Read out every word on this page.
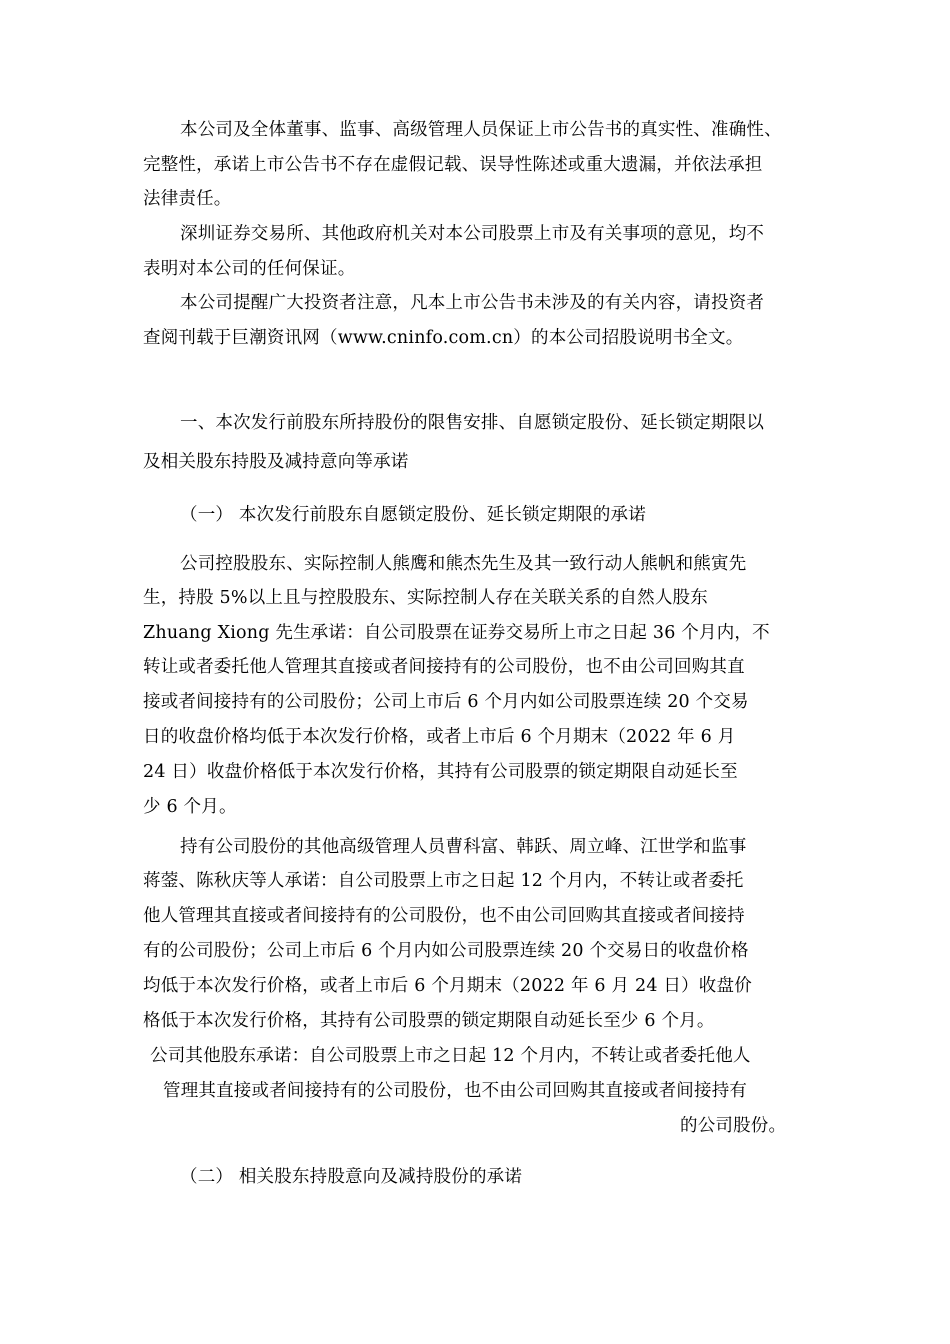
本公司及全体董事、监事、高级管理人员保证上市公告书的真实性、准确性、
完整性，承诺上市公告书不存在虚假记载、误导性陈述或重大遗漏，并依法承担
法律责任。
深圳证券交易所、其他政府机关对本公司股票上市及有关事项的意见，均不
表明对本公司的任何保证。
本公司提醒广大投资者注意，凡本上市公告书未涉及的有关内容，请投资者
查阅刊载于巨潮资讯网（www.cninfo.com.cn）的本公司招股说明书全文。
一、本次发行前股东所持股份的限售安排、自愿锁定股份、延长锁定期限以
及相关股东持股及减持意向等承诺
（一） 本次发行前股东自愿锁定股份、延长锁定期限的承诺
公司控股股东、实际控制人熊鹰和熊杰先生及其一致行动人熊帆和熊寅先
生，持股 5%以上且与控股股东、实际控制人存在关联关系的自然人股东
Zhuang Xiong 先生承诺：自公司股票在证券交易所上市之日起 36 个月内，不
转让或者委托他人管理其直接或者间接持有的公司股份，也不由公司回购其直
接或者间接持有的公司股份；公司上市后 6 个月内如公司股票连续 20 个交易
日的收盘价格均低于本次发行价格，或者上市后 6 个月期末（2022 年 6 月
24 日）收盘价格低于本次发行价格，其持有公司股票的锁定期限自动延长至
少 6 个月。
持有公司股份的其他高级管理人员曹科富、韩跃、周立峰、江世学和监事
蒋蓥、陈秋庆等人承诺：自公司股票上市之日起 12 个月内，不转让或者委托
他人管理其直接或者间接持有的公司股份，也不由公司回购其直接或者间接持
有的公司股份；公司上市后 6 个月内如公司股票连续 20 个交易日的收盘价格
均低于本次发行价格，或者上市后 6 个月期末（2022 年 6 月 24 日）收盘价
格低于本次发行价格，其持有公司股票的锁定期限自动延长至少 6 个月。
公司其他股东承诺：自公司股票上市之日起 12 个月内，不转让或者委托他人
管理其直接或者间接持有的公司股份，也不由公司回购其直接或者间接持有
的公司股份。
（二） 相关股东持股意向及减持股份的承诺
